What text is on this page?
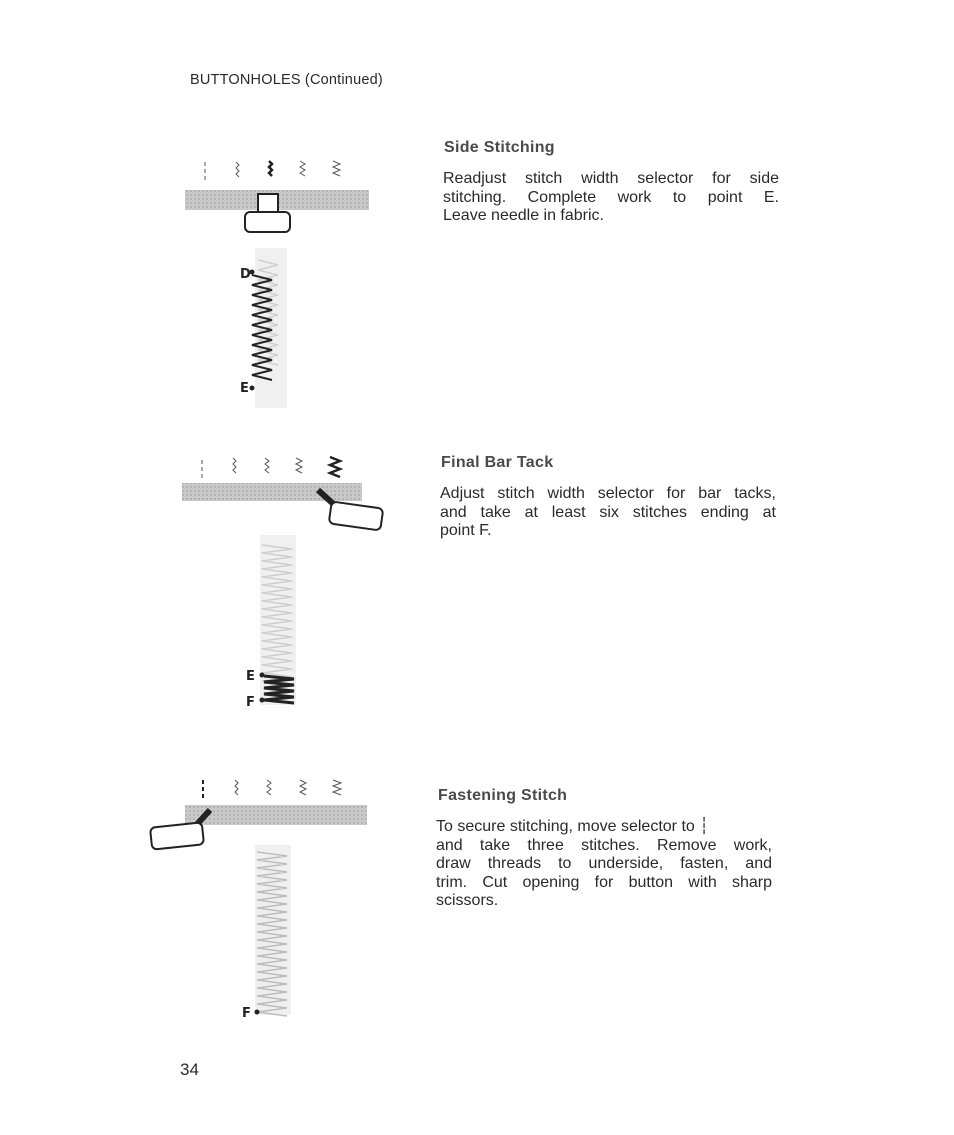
BUTTONHOLES (Continued)
Side Stitching
Readjust stitch width selector for side
stitching. Complete work to point E.
Leave needle in fabric.
Final Bar Tack
Adjust stitch width selector for bar tacks,
and take at least six stitches ending at
point F.
Fastening Stitch
To secure stitching, move selector to ┆
and take three stitches. Remove work,
draw threads to underside, fasten, and
trim. Cut opening for button with sharp
scissors.
34
D
E
E
F
F
